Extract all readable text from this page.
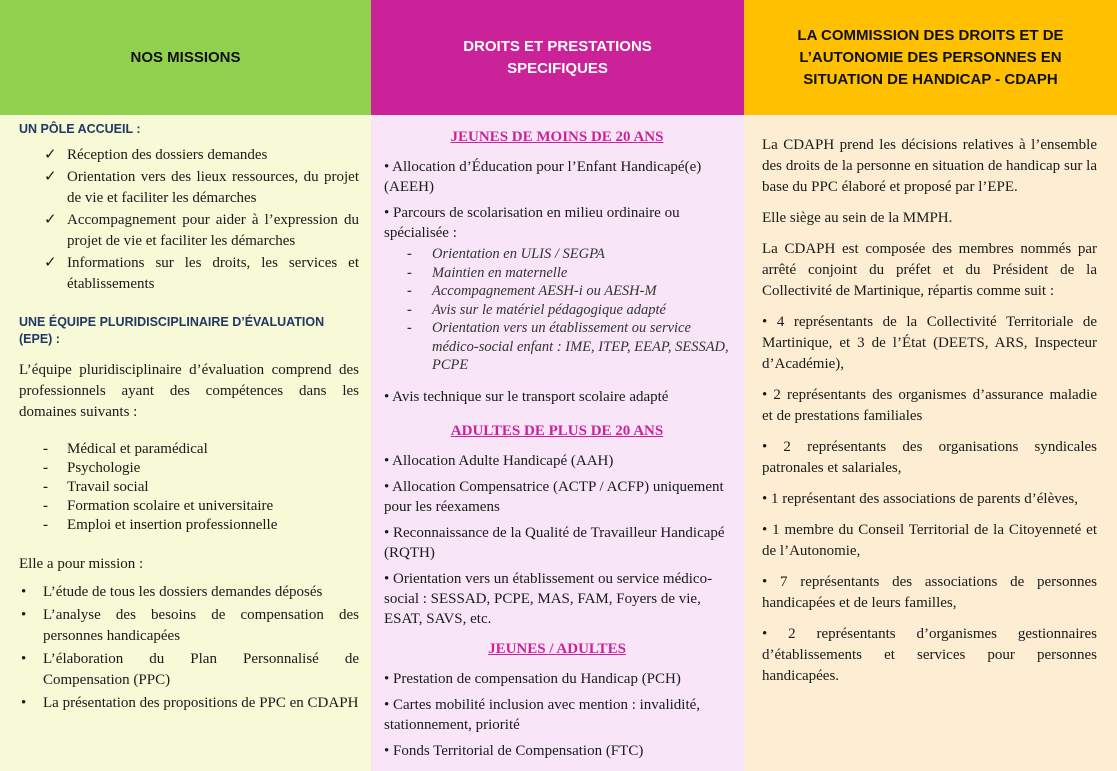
NOS MISSIONS
UN PÔLE ACCUEIL :
✓ Réception des dossiers demandes
✓ Orientation vers des lieux ressources, du projet de vie et faciliter les démarches
✓ Accompagnement pour aider à l’expression du projet de vie et faciliter les démarches
✓ Informations sur les droits, les services et établissements
UNE ÉQUIPE PLURIDISCIPLINAIRE D’ÉVALUATION (EPE) :

L’équipe pluridisciplinaire d’évaluation comprend des professionnels ayant des compétences dans les domaines suivants :

- Médical et paramédical
- Psychologie
- Travail social
- Formation scolaire et universitaire
- Emploi et insertion professionnelle

Elle a pour mission :

• L’étude de tous les dossiers demandes déposés
• L’analyse des besoins de compensation des personnes handicapées
• L’élaboration du Plan Personnalisé de Compensation (PPC)
• La présentation des propositions de PPC en CDAPH
DROITS ET PRESTATIONS SPECIFIQUES
JEUNES DE MOINS DE 20 ANS
• Allocation d’Éducation pour l’Enfant Handicapé(e) (AEEH)
• Parcours de scolarisation en milieu ordinaire ou spécialisée :
- Orientation en ULIS / SEGPA
- Maintien en maternelle
- Accompagnement AESH-i ou AESH-M
- Avis sur le matériel pédagogique adapté
- Orientation vers un établissement ou service médico-social enfant : IME, ITEP, EEAP, SESSAD, PCPE
• Avis technique sur le transport scolaire adapté
ADULTES DE PLUS DE 20 ANS
• Allocation Adulte Handicapé (AAH)
• Allocation Compensatrice (ACTP / ACFP) uniquement pour les réexamens
• Reconnaissance de la Qualité de Travailleur Handicapé (RQTH)
• Orientation vers un établissement ou service médico-social : SESSAD, PCPE, MAS, FAM, Foyers de vie, ESAT, SAVS, etc.
JEUNES / ADULTES
• Prestation de compensation du Handicap (PCH)
• Cartes mobilité inclusion avec mention : invalidité, stationnement, priorité
• Fonds Territorial de Compensation (FTC)
LA COMMISSION DES DROITS ET DE L’AUTONOMIE DES PERSONNES EN SITUATION DE HANDICAP - CDAPH

La CDAPH prend les décisions relatives à l’ensemble des droits de la personne en situation de handicap sur la base du PPC élaboré et proposé par l’EPE.

Elle siège au sein de la MMPH.

La CDAPH est composée des membres nommés par arrêté conjoint du préfet et du Président de la Collectivité de Martinique, répartis comme suit :

• 4 représentants de la Collectivité Territoriale de Martinique, et 3 de l’État (DEETS, ARS, Inspecteur d’Académie),

• 2 représentants des organismes d’assurance maladie et de prestations familiales

• 2 représentants des organisations syndicales patronales et salariales,

• 1 représentant des associations de parents d’élèves,

• 1 membre du Conseil Territorial de la Citoyenneté et de l’Autonomie,

• 7 représentants des associations de personnes handicapées et de leurs familles,

• 2 représentants d’organismes gestionnaires d’établissements et services pour personnes handicapées.
